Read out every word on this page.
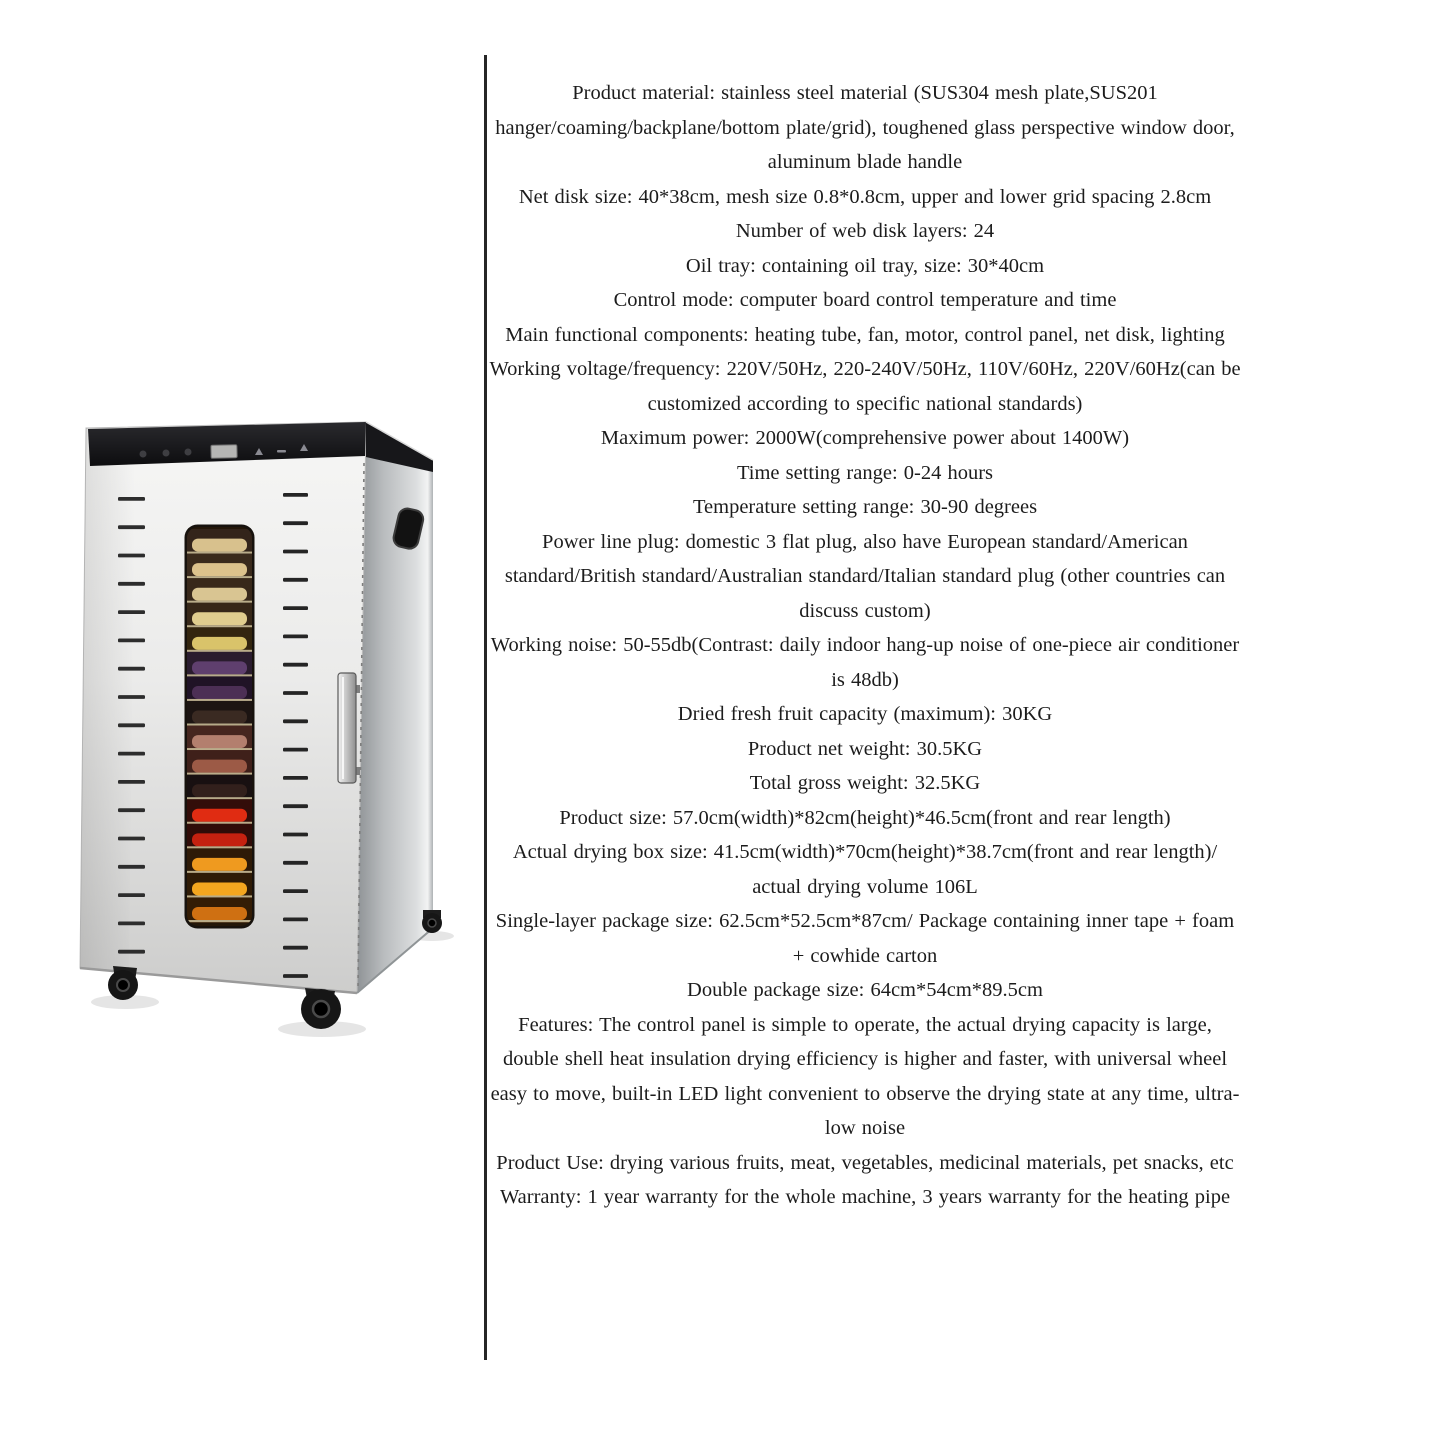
Product material: stainless steel material (SUS304 mesh plate,SUS201 hanger/coaming/backplane/bottom plate/grid), toughened glass perspective window door, aluminum blade handle

Net disk size: 40*38cm, mesh size 0.8*0.8cm, upper and lower grid spacing 2.8cm

Number of web disk layers: 24

Oil tray: containing oil tray, size: 30*40cm

Control mode: computer board control temperature and time

Main functional components: heating tube, fan, motor, control panel, net disk, lighting

Working voltage/frequency: 220V/50Hz, 220-240V/50Hz, 110V/60Hz, 220V/60Hz(can be customized according to specific national standards)

Maximum power: 2000W(comprehensive power about 1400W)

Time setting range: 0-24 hours

Temperature setting range: 30-90 degrees

Power line plug: domestic 3 flat plug, also have European standard/American standard/British standard/Australian standard/Italian standard plug (other countries can discuss custom)

Working noise: 50-55db(Contrast: daily indoor hang-up noise of one-piece air conditioner is 48db)

Dried fresh fruit capacity (maximum): 30KG

Product net weight: 30.5KG

Total gross weight: 32.5KG

Product size: 57.0cm(width)*82cm(height)*46.5cm(front and rear length)

Actual drying box size: 41.5cm(width)*70cm(height)*38.7cm(front and rear length)/ actual drying volume 106L

Single-layer package size: 62.5cm*52.5cm*87cm/ Package containing inner tape + foam + cowhide carton

Double package size: 64cm*54cm*89.5cm

Features: The control panel is simple to operate, the actual drying capacity is large, double shell heat insulation drying efficiency is higher and faster, with universal wheel easy to move, built-in LED light convenient to observe the drying state at any time, ultra-low noise

Product Use: drying various fruits, meat, vegetables, medicinal materials, pet snacks, etc

Warranty: 1 year warranty for the whole machine, 3 years warranty for the heating pipe
